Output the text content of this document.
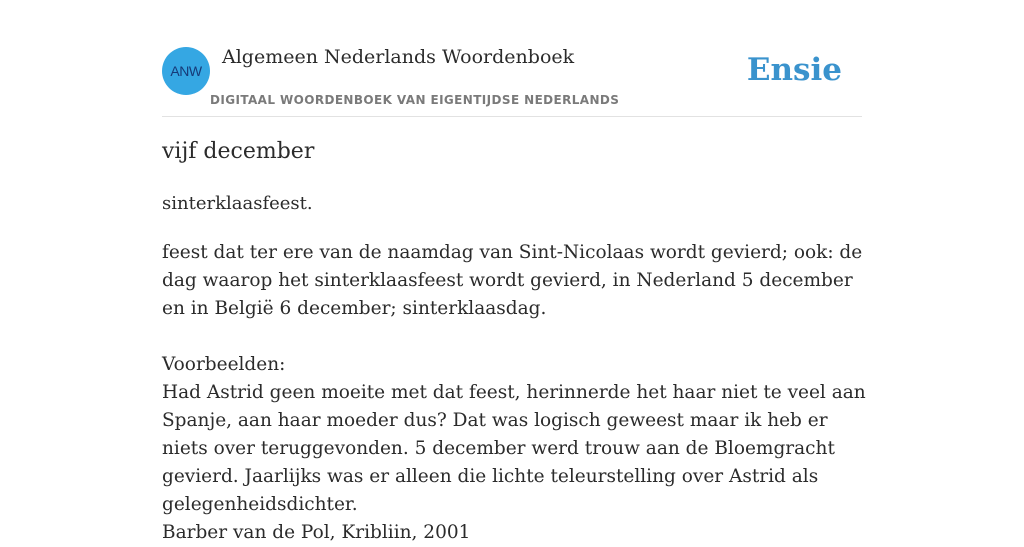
ANW
Algemeen Nederlands Woordenboek
DIGITAAL WOORDENBOEK VAN EIGENTIJDSE NEDERLANDS
Ensie
vijf december
sinterklaasfeest.

feest dat ter ere van de naamdag van Sint-Nicolaas wordt gevierd; ook: de dag waarop het sinterklaasfeest wordt gevierd, in Nederland 5 december en in België 6 december; sinterklaasdag.

Voorbeelden:

Had Astrid geen moeite met dat feest, herinnerde het haar niet te veel aan Spanje, aan haar moeder dus? Dat was logisch geweest maar ik heb er niets over teruggevonden. 5 december werd trouw aan de Bloemgracht gevierd. Jaarlijks was er alleen die lichte teleurstelling over Astrid als gelegenheidsdichter.

Barber van de Pol, Kribliin, 2001
